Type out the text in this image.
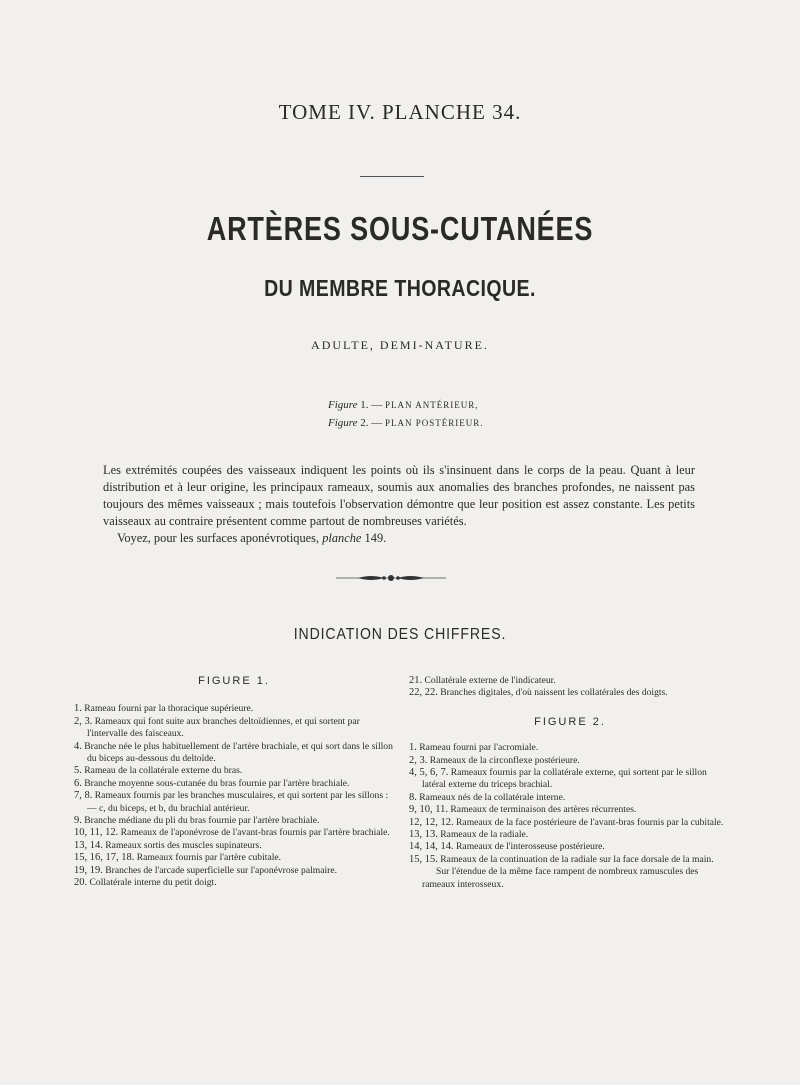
TOME IV. PLANCHE 34.
ARTÈRES SOUS-CUTANÉES
DU MEMBRE THORACIQUE.
ADULTE, DEMI-NATURE.
Figure 1. — PLAN ANTÉRIEUR,
Figure 2. — PLAN POSTÉRIEUR.

Les extrémités coupées des vaisseaux indiquent les points où ils s'insinuent dans le corps de la peau. Quant à leur distribution et à leur origine, les principaux rameaux, soumis aux anomalies des branches profondes, ne naissent pas toujours des mêmes vaisseaux ; mais toutefois l'observation démontre que leur position est assez constante. Les petits vaisseaux au contraire présentent comme partout de nombreuses variétés.

Voyez, pour les surfaces aponévrotiques, planche 149.

INDICATION DES CHIFFRES.
FIGURE 1.

1. Rameau fourni par la thoracique supérieure.

2, 3. Rameaux qui font suite aux branches deltoïdiennes, et qui sortent par l'intervalle des faisceaux.

4. Branche née le plus habituellement de l'artère brachiale, et qui sort dans le sillon du biceps au-dessous du deltoïde.

5. Rameau de la collatérale externe du bras.

6. Branche moyenne sous-cutanée du bras fournie par l'artère brachiale.

7, 8. Rameaux fournis par les branches musculaires, et qui sortent par les sillons : — c, du biceps, et b, du brachial antérieur.

9. Branche médiane du pli du bras fournie par l'artère brachiale.

10, 11, 12. Rameaux de l'aponévrose de l'avant-bras fournis par l'artère brachiale.

13, 14. Rameaux sortis des muscles supinateurs.

15, 16, 17, 18. Rameaux fournis par l'artère cubitale.

19, 19. Branches de l'arcade superficielle sur l'aponévrose palmaire.

20. Collatérale interne du petit doigt.

21. Collatérale externe de l'indicateur.

22, 22. Branches digitales, d'où naissent les collatérales des doigts.

FIGURE 2.

1. Rameau fourni par l'acromiale.

2, 3. Rameaux de la circonflexe postérieure.

4, 5, 6, 7. Rameaux fournis par la collatérale externe, qui sortent par le sillon latéral externe du triceps brachial.

8. Rameaux nés de la collatérale interne.

9, 10, 11. Rameaux de terminaison des artères récurrentes.

12, 12, 12. Rameaux de la face postérieure de l'avant-bras fournis par la cubitale.

13, 13. Rameaux de la radiale.

14, 14, 14. Rameaux de l'interosseuse postérieure.

15, 15. Rameaux de la continuation de la radiale sur la face dorsale de la main.

Sur l'étendue de la même face rampent de nombreux ramuscules des rameaux interosseux.
